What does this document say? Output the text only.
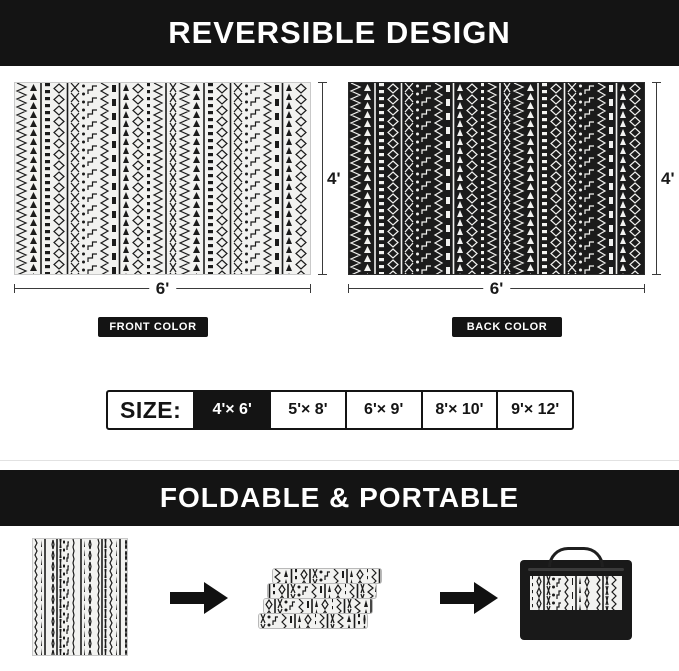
REVERSIBLE DESIGN
4'
6'
FRONT COLOR
4'
6'
BACK COLOR
SIZE:	4'× 6'	5'× 8'	6'× 9'	8'× 10'	9'× 12'
FOLDABLE & PORTABLE
